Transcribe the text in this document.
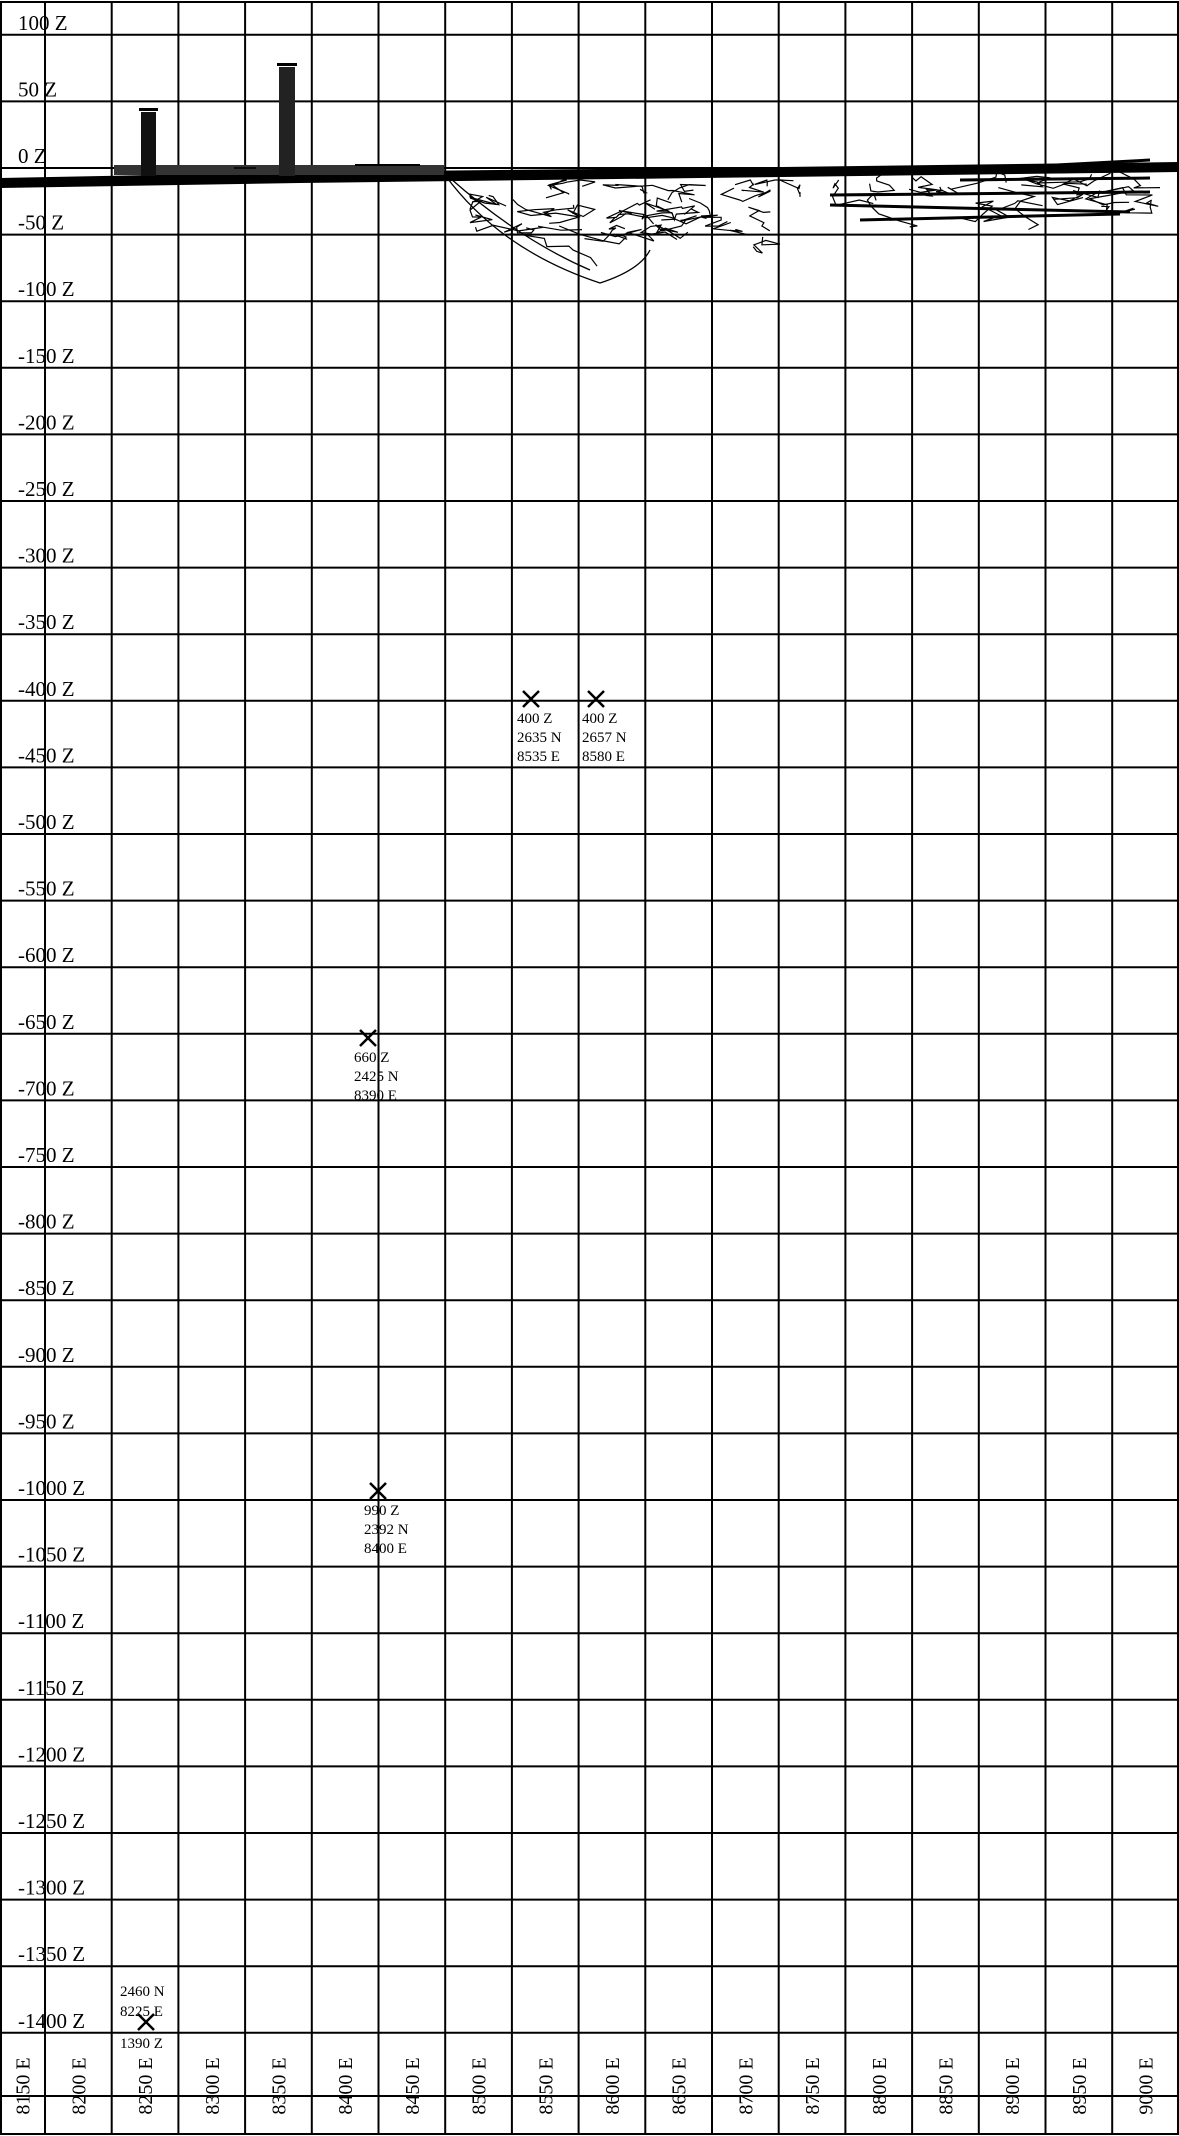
100 Z
50 Z
0 Z
-50 Z
-100 Z
-150 Z
-200 Z
-250 Z
-300 Z
-350 Z
-400 Z
-450 Z
-500 Z
-550 Z
-600 Z
-650 Z
-700 Z
-750 Z
-800 Z
-850 Z
-900 Z
-950 Z
-1000 Z
-1050 Z
-1100 Z
-1150 Z
-1200 Z
-1250 Z
-1300 Z
-1350 Z
-1400 Z
8150 E 8200 E 8250 E 8300 E 8350 E 8400 E 8450 E 8500 E 8550 E 8600 E 8650 E 8700 E 8750 E 8800 E 8850 E 8900 E 8950 E 9000 E
400 Z
2635 N
8535 E
400 Z
2657 N
8580 E
660 Z
2425 N
8390 E
990 Z
2392 N
8400 E
2460 N
8225 E
1390 Z
